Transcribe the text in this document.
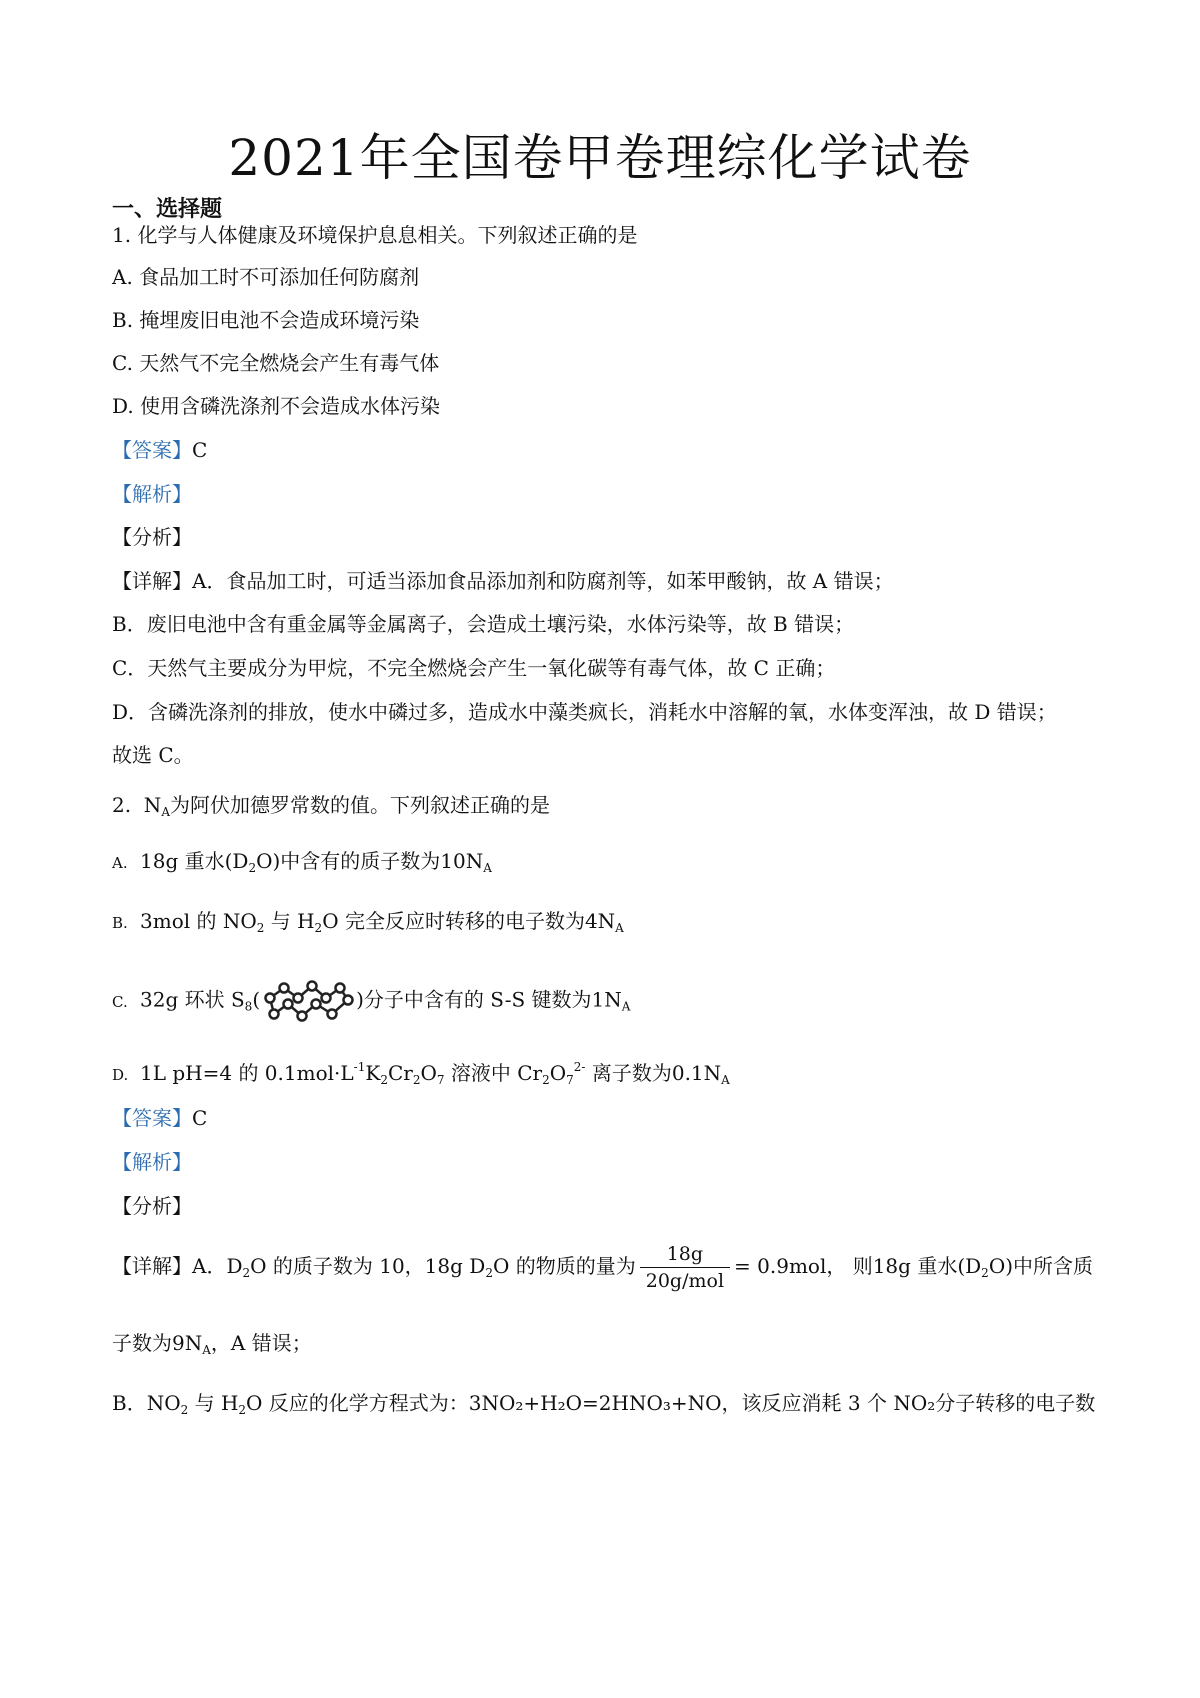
2021年全国卷甲卷理综化学试卷
一、选择题
1. 化学与人体健康及环境保护息息相关。下列叙述正确的是
A. 食品加工时不可添加任何防腐剂
B. 掩埋废旧电池不会造成环境污染
C. 天然气不完全燃烧会产生有毒气体
D. 使用含磷洗涤剂不会造成水体污染
【答案】C
【解析】
【分析】
【详解】A．食品加工时，可适当添加食品添加剂和防腐剂等，如苯甲酸钠，故 A 错误；
B．废旧电池中含有重金属等金属离子，会造成土壤污染，水体污染等，故 B 错误；
C．天然气主要成分为甲烷，不完全燃烧会产生一氧化碳等有毒气体，故 C 正确；
D．含磷洗涤剂的排放，使水中磷过多，造成水中藻类疯长，消耗水中溶解的氧，水体变浑浊，故 D 错误；
故选 C。
2.  $N_A$为阿伏加德罗常数的值。下列叙述正确的是
A. 18g 重水$(D_2O)$中含有的质子数为$10N_A$
B. 3mol 的 $NO_2$ 与 $H_2O$ 完全反应时转移的电子数为$4N_A$
C. 32g 环状 $S_8$(	)分子中含有的 S-S 键数为$1N_A$
D. 1L pH=4 的 $0.1mol\cdot L^{-1}K_2Cr_2O_7$ 溶液中 $Cr_2O_7^{2-}$ 离子数为$0.1N_A$
【答案】C
【解析】
【分析】
【详解】A．$D_2O$ 的质子数为 10，18g $D_2O$ 的物质的量为 $\frac{18g}{\text{20g/mol}} = 0.9mol$， 则18g 重水$(D_2O)$中所含质
子数为$9N_A$，A 错误；
B．$NO_2$ 与 $H_2O$ 反应的化学方程式为：3NO₂+H₂O=2HNO₃+NO，该反应消耗 3 个 NO₂分子转移的电子数
